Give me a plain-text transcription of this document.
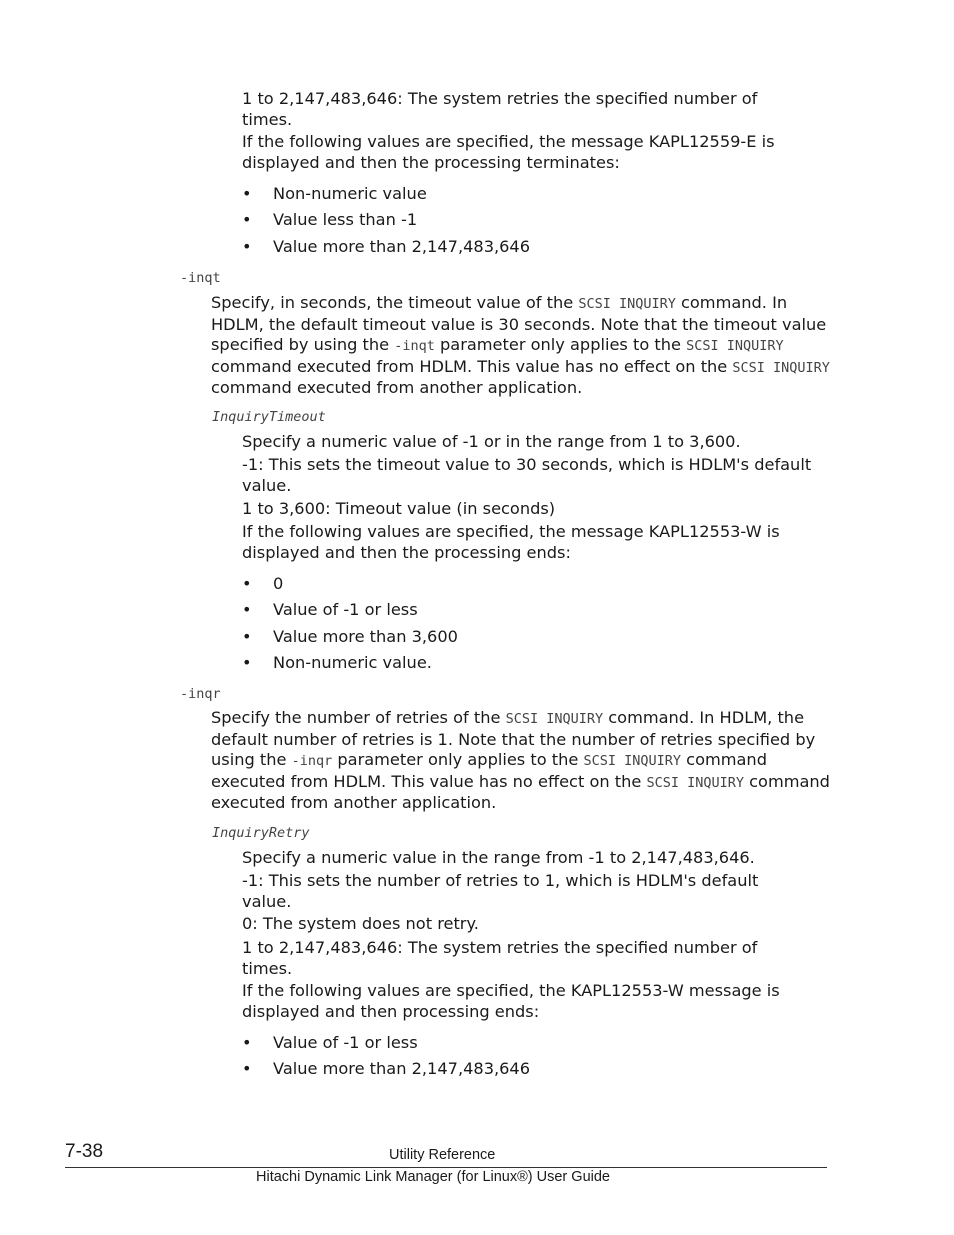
1 to 2,147,483,646: The system retries the specified number of times.

If the following values are specified, the message KAPL12559-E is displayed and then the processing terminates:

• Non-numeric value
• Value less than -1
• Value more than 2,147,483,646

-inqt

Specify, in seconds, the timeout value of the SCSI INQUIRY command. In HDLM, the default timeout value is 30 seconds. Note that the timeout value specified by using the -inqt parameter only applies to the SCSI INQUIRY command executed from HDLM. This value has no effect on the SCSI INQUIRY command executed from another application.

InquiryTimeout

Specify a numeric value of -1 or in the range from 1 to 3,600.

-1: This sets the timeout value to 30 seconds, which is HDLM's default value.

1 to 3,600: Timeout value (in seconds)

If the following values are specified, the message KAPL12553-W is displayed and then the processing ends:

• 0
• Value of -1 or less
• Value more than 3,600
• Non-numeric value.

-inqr

Specify the number of retries of the SCSI INQUIRY command. In HDLM, the default number of retries is 1. Note that the number of retries specified by using the -inqr parameter only applies to the SCSI INQUIRY command executed from HDLM. This value has no effect on the SCSI INQUIRY command executed from another application.

InquiryRetry

Specify a numeric value in the range from -1 to 2,147,483,646.

-1: This sets the number of retries to 1, which is HDLM's default value.

0: The system does not retry.

1 to 2,147,483,646: The system retries the specified number of times.

If the following values are specified, the KAPL12553-W message is displayed and then processing ends:

• Value of -1 or less
• Value more than 2,147,483,646
7-38	Utility Reference
Hitachi Dynamic Link Manager (for Linux®) User Guide
